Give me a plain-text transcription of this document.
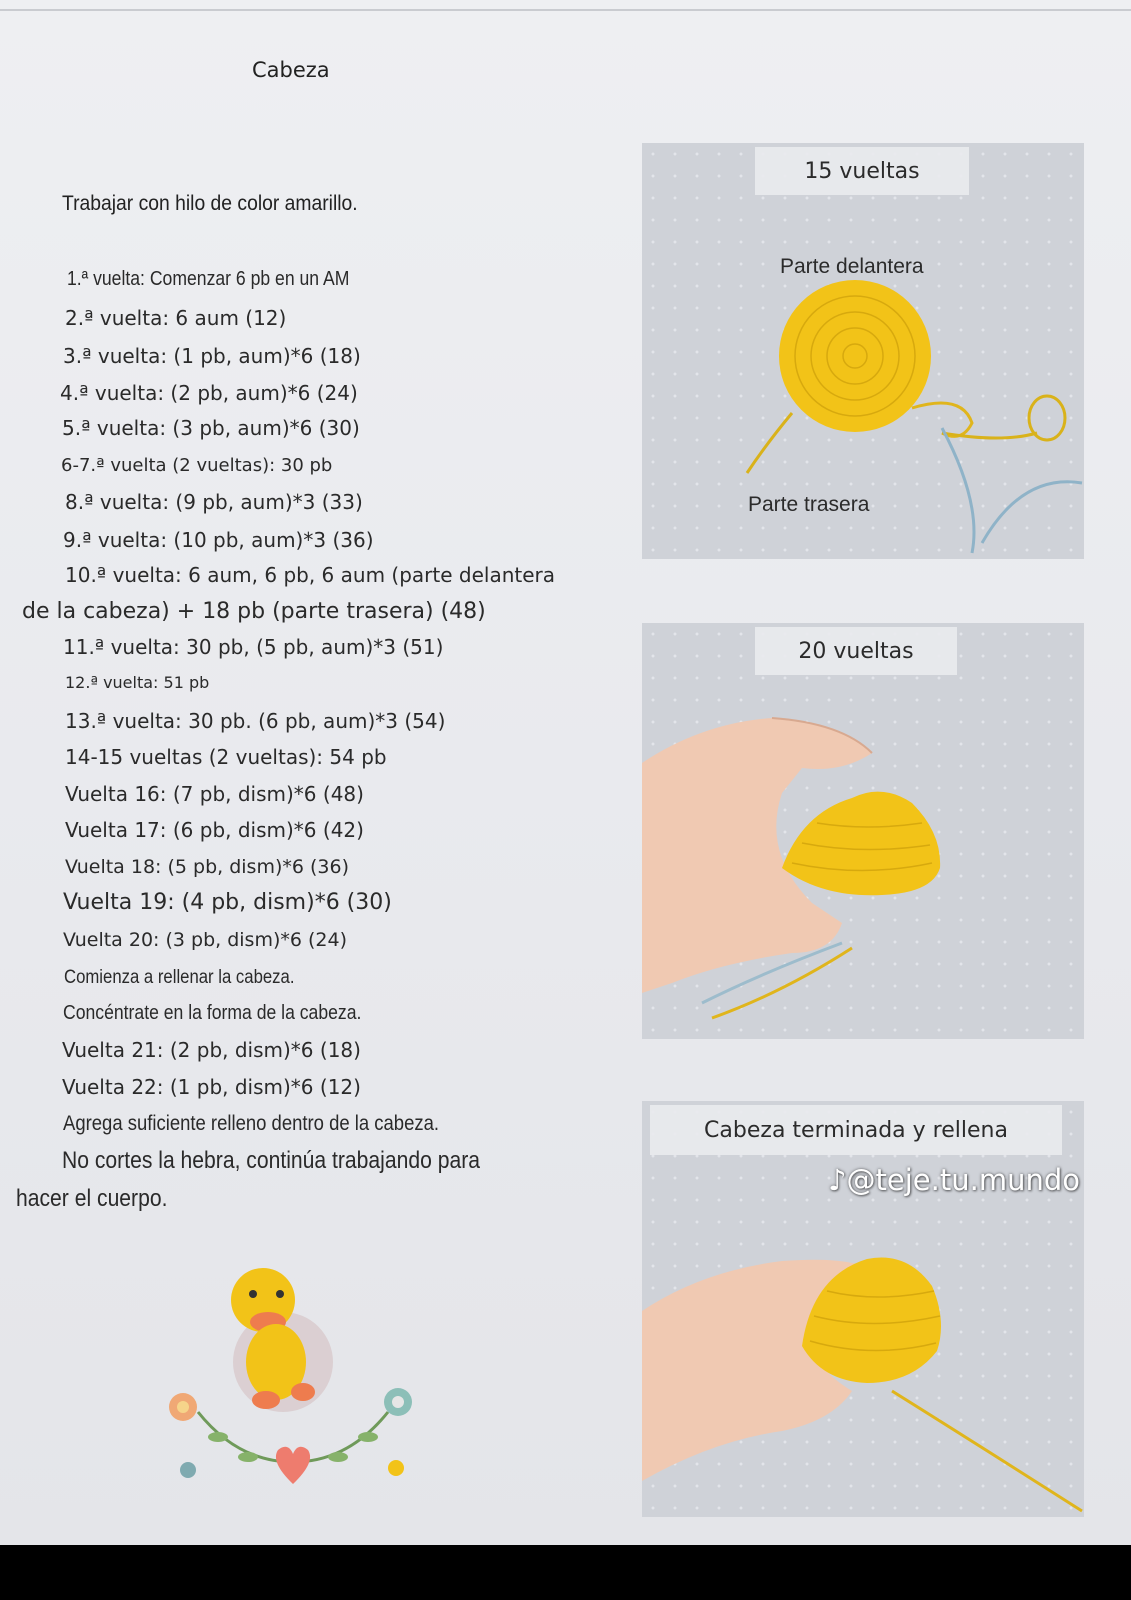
Cabeza
Trabajar con hilo de color amarillo.
1.ª vuelta: Comenzar 6 pb en un AM
2.ª vuelta: 6 aum (12)
3.ª vuelta: (1 pb, aum)*6 (18)
4.ª vuelta: (2 pb, aum)*6 (24)
5.ª vuelta: (3 pb, aum)*6 (30)
6-7.ª vuelta (2 vueltas): 30 pb
8.ª vuelta: (9 pb, aum)*3 (33)
9.ª vuelta: (10 pb, aum)*3 (36)
10.ª vuelta: 6 aum, 6 pb, 6 aum (parte delantera
de la cabeza) + 18 pb (parte trasera) (48)
11.ª vuelta: 30 pb, (5 pb, aum)*3 (51)
12.ª vuelta: 51 pb
13.ª vuelta: 30 pb. (6 pb, aum)*3 (54)
14-15 vueltas (2 vueltas): 54 pb
Vuelta 16: (7 pb, dism)*6 (48)
Vuelta 17: (6 pb, dism)*6 (42)
Vuelta 18: (5 pb, dism)*6 (36)
Vuelta 19: (4 pb, dism)*6 (30)
Vuelta 20: (3 pb, dism)*6 (24)
Comienza a rellenar la cabeza.
Concéntrate en la forma de la cabeza.
Vuelta 21: (2 pb, dism)*6 (18)
Vuelta 22: (1 pb, dism)*6 (12)
Agrega suficiente relleno dentro de la cabeza.
No cortes la hebra, continúa trabajando para
hacer el cuerpo.
15 vueltas
Parte delantera
Parte trasera
20 vueltas
Cabeza terminada y rellena
♪@teje.tu.mundo
